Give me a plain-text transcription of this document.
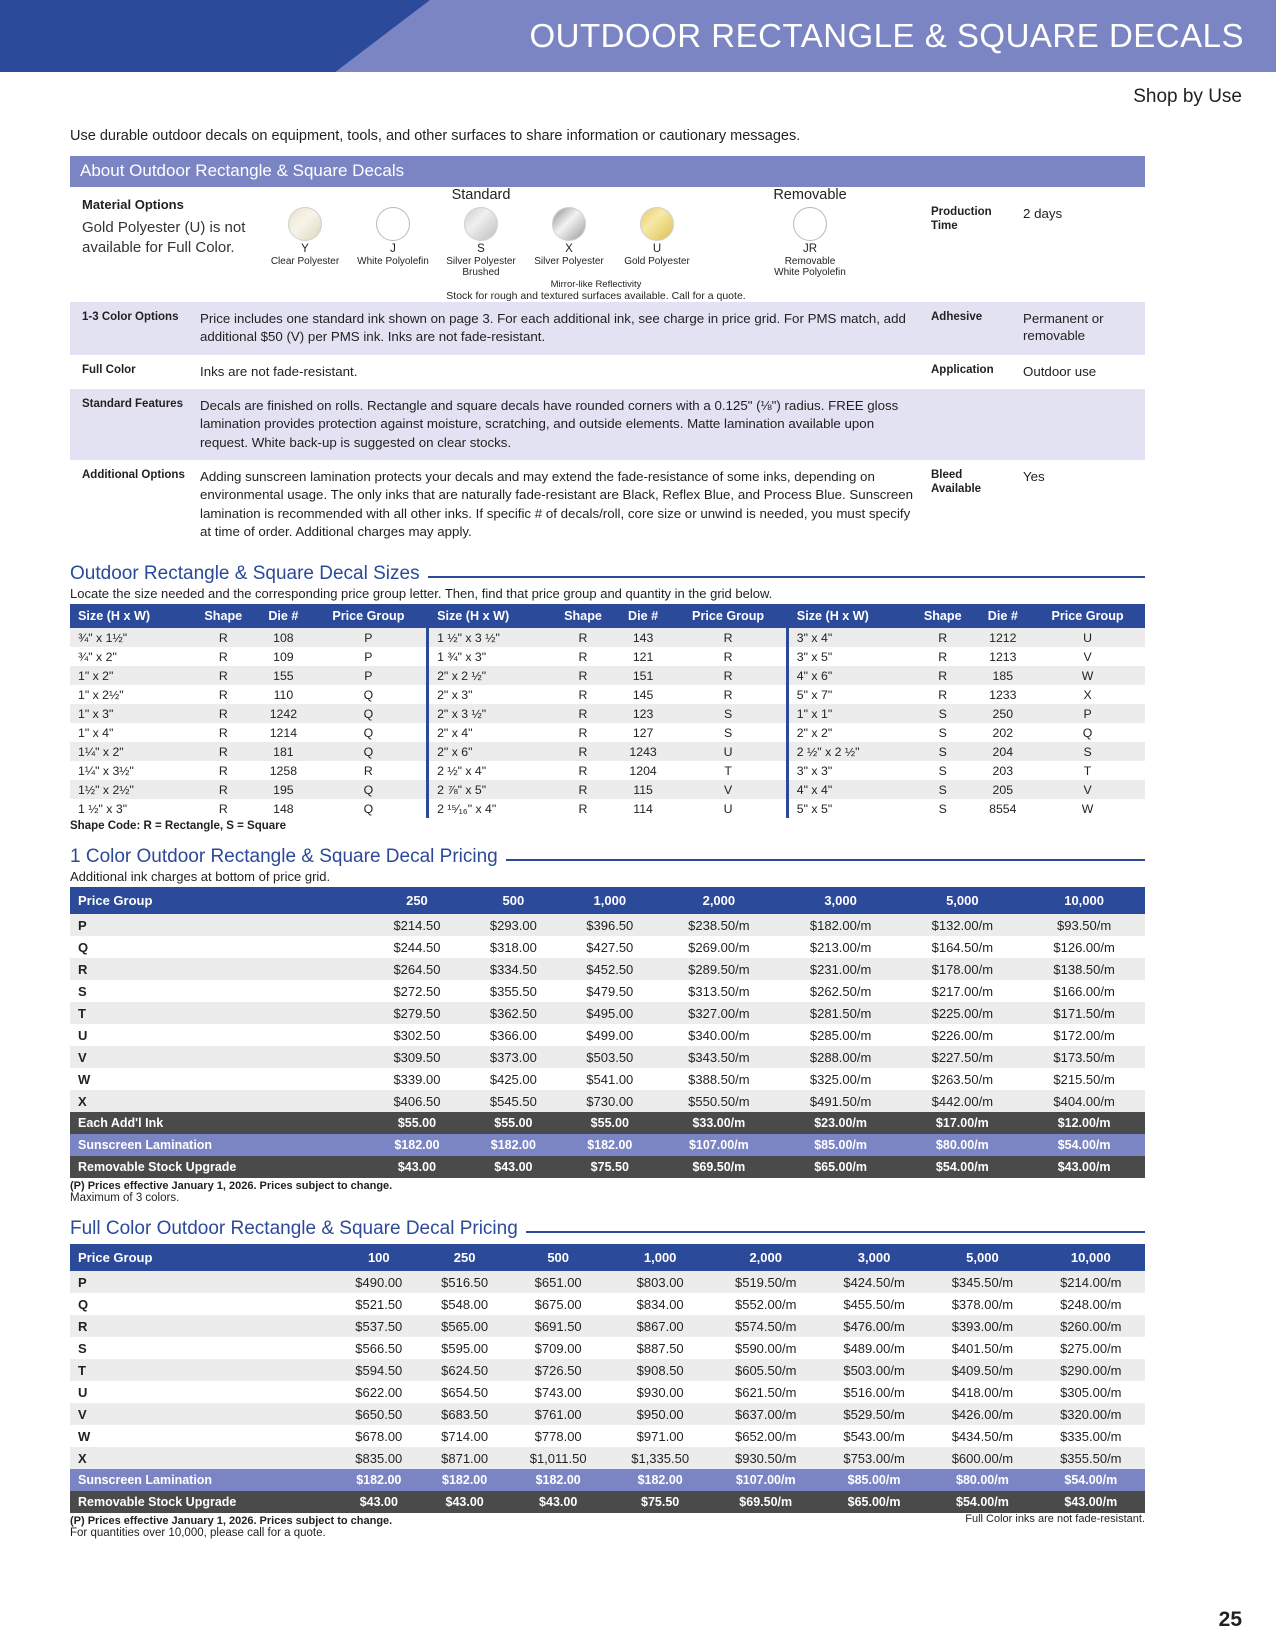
OUTDOOR RECTANGLE & SQUARE DECALS
Shop by Use
Use durable outdoor decals on equipment, tools, and other surfaces to share information or cautionary messages.
About Outdoor Rectangle & Square Decals
Material Options

Gold Polyester (U) is not available for Full Color.

Standard
Y
Clear Polyester
J
White Polyolefin
S
Silver Polyester Brushed
X
Silver Polyester
U
Gold Polyester
Removable
JR
Removable White Polyolefin
Mirror-like Reflectivity
Stock for rough and textured surfaces available. Call for a quote.
Production Time
2 days
1-3 Color Options	Price includes one standard ink shown on page 3. For each additional ink, see charge in price grid. For PMS match, add additional $50 (V) per PMS ink. Inks are not fade-resistant.
Adhesive	Permanent or removable
Full Color	Inks are not fade-resistant.	Application	Outdoor use
Standard Features	Decals are finished on rolls. Rectangle and square decals have rounded corners with a 0.125" (⅛") radius. FREE gloss lamination provides protection against moisture, scratching, and outside elements. Matte lamination available upon request. White back-up is suggested on clear stocks.
Additional Options	Adding sunscreen lamination protects your decals and may extend the fade-resistance of some inks, depending on environmental usage. The only inks that are naturally fade-resistant are Black, Reflex Blue, and Process Blue. Sunscreen lamination is recommended with all other inks. If specific # of decals/roll, core size or unwind is needed, you must specify at time of order. Additional charges may apply.
Bleed Available
Yes
Outdoor Rectangle & Square Decal Sizes
Locate the size needed and the corresponding price group letter. Then, find that price group and quantity in the grid below.
Size (H x W)	Shape	Die #	Price Group	Size (H x W)	Shape	Die #	Price Group	Size (H x W)	Shape	Die #	Price Group
¾" x 1½"	R	108	P	1 ½" x 3 ½"	R	143	R	3" x 4"	R	1212	U
¾" x 2"	R	109	P	1 ¾" x 3"	R	121	R	3" x 5"	R	1213	V
1" x 2"	R	155	P	2" x 2 ½"	R	151	R	4" x 6"	R	185	W
1" x 2½"	R	110	Q	2" x 3"	R	145	R	5" x 7"	R	1233	X
1" x 3"	R	1242	Q	2" x 3 ½"	R	123	S	1" x 1"	S	250	P
1" x 4"	R	1214	Q	2" x 4"	R	127	S	2" x 2"	S	202	Q
1¼" x 2"	R	181	Q	2" x 6"	R	1243	U	2 ½" x 2 ½"	S	204	S
1¼" x 3½"	R	1258	R	2 ½" x 4"	R	1204	T	3" x 3"	S	203	T
1½" x 2½"	R	195	Q	2 ⅞" x 5"	R	115	V	4" x 4"	S	205	V
1 ½" x 3"	R	148	Q	2 ¹⁵⁄₁₆" x 4"	R	114	U	5" x 5"	S	8554	W
Shape Code: R = Rectangle, S = Square
1 Color Outdoor Rectangle & Square Decal Pricing
Additional ink charges at bottom of price grid.
Price Group	250	500	1,000	2,000	3,000	5,000	10,000
P	$214.50	$293.00	$396.50	$238.50/m	$182.00/m	$132.00/m	$93.50/m
Q	$244.50	$318.00	$427.50	$269.00/m	$213.00/m	$164.50/m	$126.00/m
R	$264.50	$334.50	$452.50	$289.50/m	$231.00/m	$178.00/m	$138.50/m
S	$272.50	$355.50	$479.50	$313.50/m	$262.50/m	$217.00/m	$166.00/m
T	$279.50	$362.50	$495.00	$327.00/m	$281.50/m	$225.00/m	$171.50/m
U	$302.50	$366.00	$499.00	$340.00/m	$285.00/m	$226.00/m	$172.00/m
V	$309.50	$373.00	$503.50	$343.50/m	$288.00/m	$227.50/m	$173.50/m
W	$339.00	$425.00	$541.00	$388.50/m	$325.00/m	$263.50/m	$215.50/m
X	$406.50	$545.50	$730.00	$550.50/m	$491.50/m	$442.00/m	$404.00/m
Each Add'l Ink	$55.00	$55.00	$55.00	$33.00/m	$23.00/m	$17.00/m	$12.00/m
Sunscreen Lamination	$182.00	$182.00	$182.00	$107.00/m	$85.00/m	$80.00/m	$54.00/m
Removable Stock Upgrade	$43.00	$43.00	$75.50	$69.50/m	$65.00/m	$54.00/m	$43.00/m
(P) Prices effective January 1, 2026. Prices subject to change.
Maximum of 3 colors.
Full Color Outdoor Rectangle & Square Decal Pricing
Price Group	100	250	500	1,000	2,000	3,000	5,000	10,000
P	$490.00	$516.50	$651.00	$803.00	$519.50/m	$424.50/m	$345.50/m	$214.00/m
Q	$521.50	$548.00	$675.00	$834.00	$552.00/m	$455.50/m	$378.00/m	$248.00/m
R	$537.50	$565.00	$691.50	$867.00	$574.50/m	$476.00/m	$393.00/m	$260.00/m
S	$566.50	$595.00	$709.00	$887.50	$590.00/m	$489.00/m	$401.50/m	$275.00/m
T	$594.50	$624.50	$726.50	$908.50	$605.50/m	$503.00/m	$409.50/m	$290.00/m
U	$622.00	$654.50	$743.00	$930.00	$621.50/m	$516.00/m	$418.00/m	$305.00/m
V	$650.50	$683.50	$761.00	$950.00	$637.00/m	$529.50/m	$426.00/m	$320.00/m
W	$678.00	$714.00	$778.00	$971.00	$652.00/m	$543.00/m	$434.50/m	$335.00/m
X	$835.00	$871.00	$1,011.50	$1,335.50	$930.50/m	$753.00/m	$600.00/m	$355.50/m
Sunscreen Lamination	$182.00	$182.00	$182.00	$182.00	$107.00/m	$85.00/m	$80.00/m	$54.00/m
Removable Stock Upgrade	$43.00	$43.00	$43.00	$75.50	$69.50/m	$65.00/m	$54.00/m	$43.00/m
(P) Prices effective January 1, 2026. Prices subject to change.	Full Color inks are not fade-resistant.
For quantities over 10,000, please call for a quote.
25
